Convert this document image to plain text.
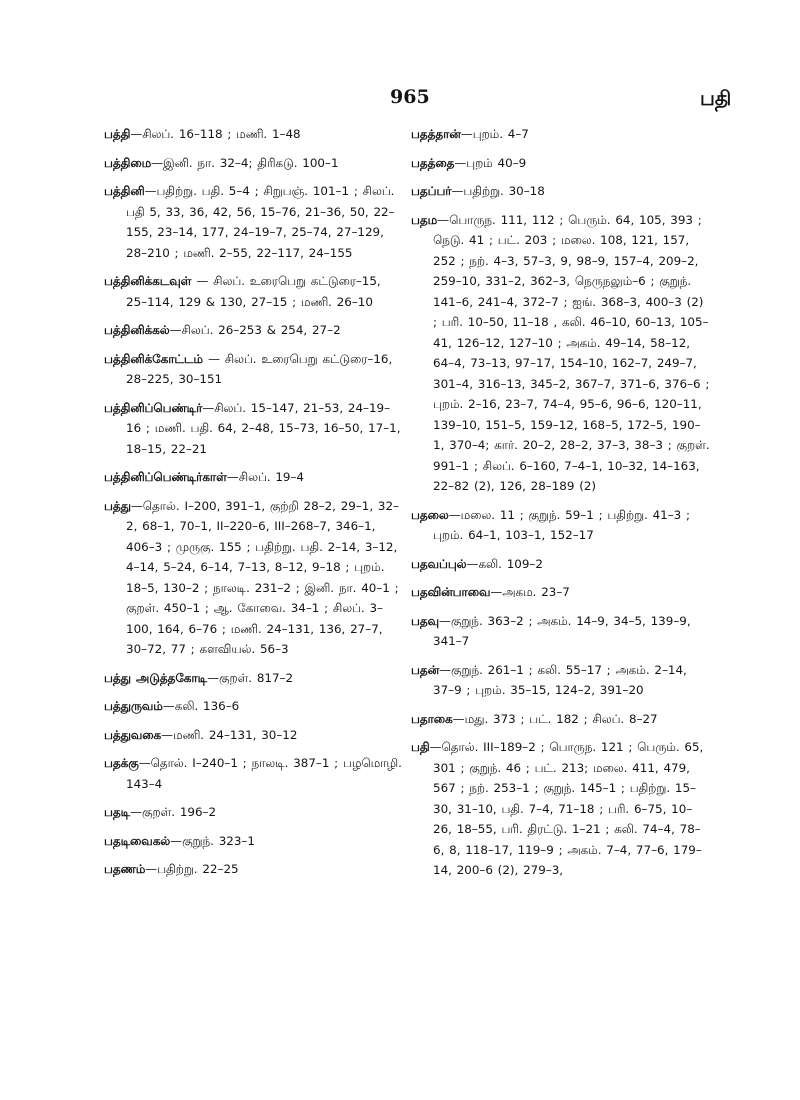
965	பதி
பத்தி—சிலப். 16–118 ; மணி. 1–48
பத்திமை—இனி. நா. 32–4; திரிகடு. 100–1
பத்தினி—பதிற்று. பதி. 5–4 ; சிறுபஞ். 101–1 ; சிலப். பதி 5, 33, 36, 42, 56, 15–76, 21–36, 50, 22–155, 23–14, 177, 24–19–7, 25–74, 27–129, 28–210 ; மணி. 2–55, 22–117, 24–155
பத்தினிக்கடவுள் — சிலப். உரைபெறு கட்டுரை–15, 25–114, 129 & 130, 27–15 ; மணி. 26–10
பத்தினிக்கல்—சிலப். 26–253 & 254, 27–2
பத்தினிக்கோட்டம் — சிலப். உரைபெறு கட்டுரை–16, 28–225, 30–151
பத்தினிப்பெண்டிர்—சிலப். 15–147, 21–53, 24–19–16 ; மணி. பதி. 64, 2–48, 15–73, 16–50, 17–1, 18–15, 22–21
பத்தினிப்பெண்டிர்காள்—சிலப். 19–4
பத்து—தொல். I–200, 391–1, குற்றி 28–2, 29–1, 32–2, 68–1, 70–1, II–220–6, III–268–7, 346–1, 406–3 ; முருகு. 155 ; பதிற்று. பதி. 2–14, 3–12, 4–14, 5–24, 6–14, 7–13, 8–12, 9–18 ; புறம். 18–5, 130–2 ; நாலடி. 231–2 ; இனி. நா. 40–1 ; குறள். 450–1 ; ஆ. கோவை. 34–1 ; சிலப். 3–100, 164, 6–76 ; மணி. 24–131, 136, 27–7, 30–72, 77 ; களவியல். 56–3
பத்து அடுத்தகோடி—குறள். 817–2
பத்துருவம்—கலி. 136–6
பத்துவகை—மணி. 24–131, 30–12
பதக்கு—தொல். I–240–1 ; நாலடி. 387–1 ; பழமொழி. 143–4
பதடி—குறள். 196–2
பதடிவைகல்—குறுந். 323–1
பதணம்—பதிற்று. 22–25
பதத்தான்—புறம். 4–7
பதத்தை—புறம் 40–9
பதப்பர்—பதிற்று. 30–18
பதம—பொருந. 111, 112 ; பெரும். 64, 105, 393 ; நெடு. 41 ; பட். 203 ; மலை. 108, 121, 157, 252 ; நற். 4–3, 57–3, 9, 98–9, 157–4, 209–2, 259–10, 331–2, 362–3, நெருநலும்–6 ; குறுந். 141–6, 241–4, 372–7 ; ஐங். 368–3, 400–3 (2) ; பரி. 10–50, 11–18 , கலி. 46–10, 60–13, 105–41, 126–12, 127–10 ; அகம். 49–14, 58–12, 64–4, 73–13, 97–17, 154–10, 162–7, 249–7, 301–4, 316–13, 345–2, 367–7, 371–6, 376–6 ; புறம். 2–16, 23–7, 74–4, 95–6, 96–6, 120–11, 139–10, 151–5, 159–12, 168–5, 172–5, 190–1, 370–4; கார். 20–2, 28–2, 37–3, 38–3 ; குறள். 991–1 ; சிலப். 6–160, 7–4–1, 10–32, 14–163, 22–82 (2), 126, 28–189 (2)
பதலை—மலை. 11 ; குறுந். 59–1 ; பதிற்று. 41–3 ; புறம். 64–1, 103–1, 152–17
பதவப்புல்—கலி. 109–2
பதவின்பாவை—அகம. 23–7
பதவு—குறுந். 363–2 ; அகம். 14–9, 34–5, 139–9, 341–7
பதன்—குறுந். 261–1 ; கலி. 55–17 ; அகம். 2–14, 37–9 ; புறம். 35–15, 124–2, 391–20
பதாகை—மது. 373 ; பட். 182 ; சிலப். 8–27
பதி—தொல். III–189–2 ; பொருந. 121 ; பெரும். 65, 301 ; குறுந். 46 ; பட். 213; மலை. 411, 479, 567 ; நற். 253–1 ; குறுந். 145–1 ; பதிற்று. 15–30, 31–10, பதி. 7–4, 71–18 ; பரி. 6–75, 10–26, 18–55, பரி. திரட்டு. 1–21 ; கலி. 74–4, 78–6, 8, 118–17, 119–9 ; அகம். 7–4, 77–6, 179–14, 200–6 (2), 279–3,
